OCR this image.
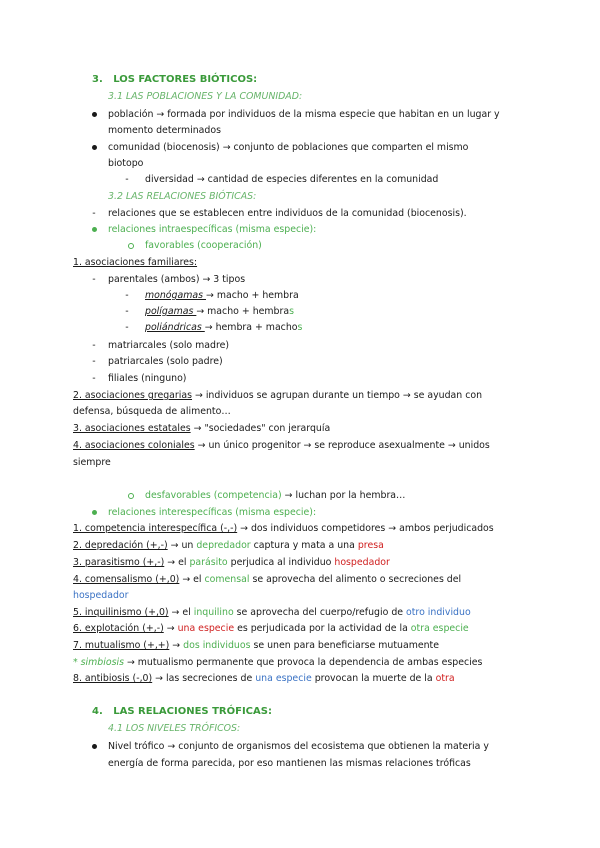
3. LOS FACTORES BIÓTICOS:
3.1 LAS POBLACIONES Y LA COMUNIDAD:
población → formada por individuos de la misma especie que habitan en un lugar y
momento determinados
comunidad (biocenosis) → conjunto de poblaciones que comparten el mismo
biotopo
- diversidad → cantidad de especies diferentes en la comunidad
3.2 LAS RELACIONES BIÓTICAS:
- relaciones que se establecen entre individuos de la comunidad (biocenosis).
relaciones intraespecíficas (misma especie):
favorables (cooperación)
1. asociaciones familiares:
- parentales (ambos) → 3 tipos
- monógamas → macho + hembra
- polígamas → macho + hembras
- poliándricas → hembra + machos
- matriarcales (solo madre)
- patriarcales (solo padre)
- filiales (ninguno)
2. asociaciones gregarias → individuos se agrupan durante un tiempo → se ayudan con
defensa, búsqueda de alimento…
3. asociaciones estatales → "sociedades" con jerarquía
4. asociaciones coloniales → un único progenitor → se reproduce asexualmente → unidos
siempre
desfavorables (competencia) → luchan por la hembra…
relaciones interespecíficas (misma especie):
1. competencia interespecífica (-,-) → dos individuos competidores → ambos perjudicados
2. depredación (+,-) → un depredador captura y mata a una presa
3. parasitismo (+,-) → el parásito perjudica al individuo hospedador
4. comensalismo (+,0) → el comensal se aprovecha del alimento o secreciones del
hospedador
5. inquilinismo (+,0) → el inquilino se aprovecha del cuerpo/refugio de otro individuo
6. explotación (+,-) → una especie es perjudicada por la actividad de la otra especie
7. mutualismo (+,+) → dos individuos se unen para beneficiarse mutuamente
* simbiosis → mutualismo permanente que provoca la dependencia de ambas especies
8. antibiosis (-,0) → las secreciones de una especie provocan la muerte de la otra
4. LAS RELACIONES TRÓFICAS:
4.1 LOS NIVELES TRÓFICOS:
Nivel trófico → conjunto de organismos del ecosistema que obtienen la materia y
energía de forma parecida, por eso mantienen las mismas relaciones tróficas
